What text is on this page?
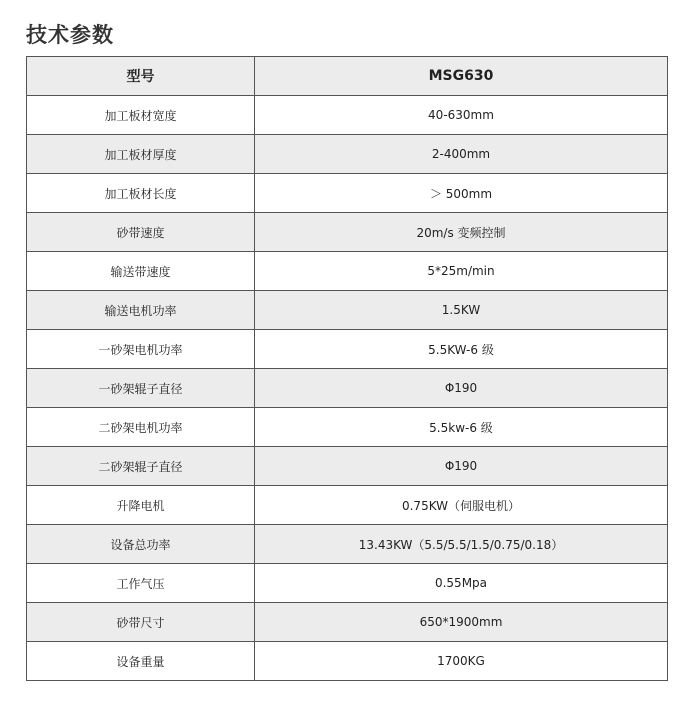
技术参数
型号	MSG630
加工板材宽度	40-630mm
加工板材厚度	2-400mm
加工板材长度	＞ 500mm
砂带速度	20m/s 变频控制
输送带速度	5*25m/min
输送电机功率	1.5KW
一砂架电机功率	5.5KW-6 级
一砂架辊子直径	Φ190
二砂架电机功率	5.5kw-6 级
二砂架辊子直径	Φ190
升降电机	0.75KW（伺服电机）
设备总功率	13.43KW（5.5/5.5/1.5/0.75/0.18）
工作气压	0.55Mpa
砂带尺寸	650*1900mm
设备重量	1700KG
